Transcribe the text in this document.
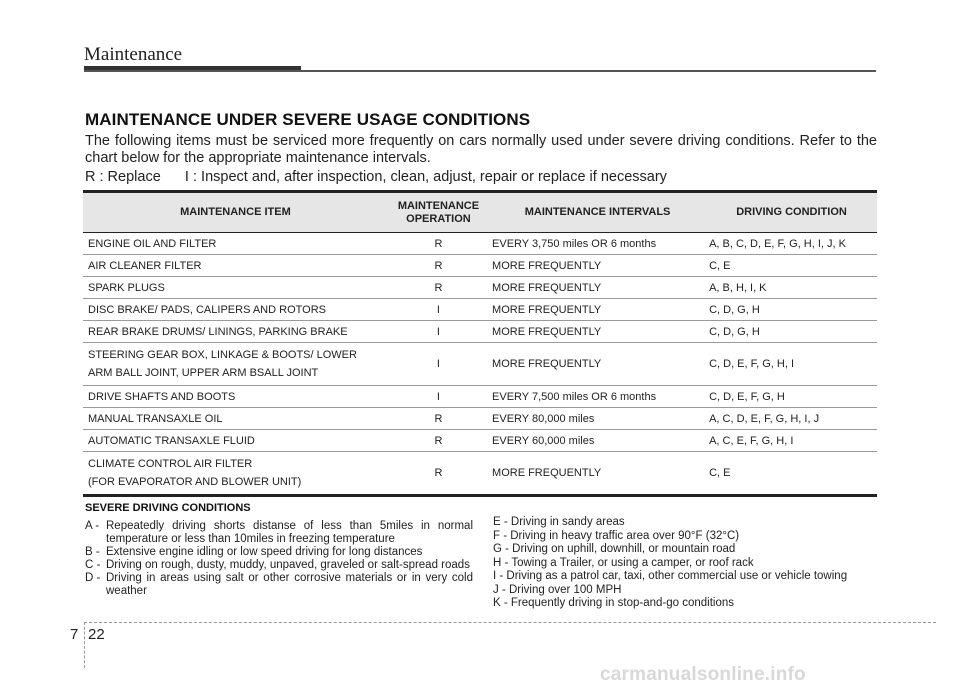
Maintenance
MAINTENANCE UNDER SEVERE USAGE CONDITIONS
The following items must be serviced more frequently on cars normally used under severe driving conditions. Refer to the chart below for the appropriate maintenance intervals.
R : Replace      I : Inspect and, after inspection, clean, adjust, repair or replace if necessary
MAINTENANCE ITEM	MAINTENANCE OPERATION	MAINTENANCE INTERVALS	DRIVING CONDITION
ENGINE OIL AND FILTER	R	EVERY 3,750 miles OR 6 months	A, B, C, D, E, F, G, H, I, J, K
AIR CLEANER FILTER	R	MORE FREQUENTLY	C, E
SPARK PLUGS	R	MORE FREQUENTLY	A, B, H, I, K
DISC BRAKE/ PADS, CALIPERS AND ROTORS	I	MORE FREQUENTLY	C, D, G, H
REAR BRAKE DRUMS/ LININGS, PARKING BRAKE	I	MORE FREQUENTLY	C, D, G, H
STEERING GEAR BOX, LINKAGE & BOOTS/ LOWER
ARM BALL JOINT, UPPER ARM BSALL JOINT	I	MORE FREQUENTLY	C, D, E, F, G, H, I
DRIVE SHAFTS AND BOOTS	I	EVERY 7,500 miles OR 6 months	C, D, E, F, G, H
MANUAL TRANSAXLE OIL	R	EVERY 80,000 miles	A, C, D, E, F, G, H, I, J
AUTOMATIC TRANSAXLE FLUID	R	EVERY 60,000 miles	A, C, E, F, G, H, I
CLIMATE CONTROL AIR FILTER
(FOR EVAPORATOR AND BLOWER UNIT)	R	MORE FREQUENTLY	C, E
SEVERE DRIVING CONDITIONS
A - Repeatedly driving shorts distanse of less than 5miles in normal temperature or less than 10miles in freezing temperature
B - Extensive engine idling or low speed driving for long distances
C - Driving on rough, dusty, muddy, unpaved, graveled or salt-spread roads
D - Driving in areas using salt or other corrosive materials or in very cold weather
E - Driving in sandy areas
F - Driving in heavy traffic area over 90°F (32°C)
G - Driving on uphill, downhill, or mountain road
H - Towing a Trailer, or using a camper, or roof rack
I - Driving as a patrol car, taxi, other commercial use or vehicle towing
J - Driving over 100 MPH
K - Frequently driving in stop-and-go conditions
7 22
carmanualsonline.info
